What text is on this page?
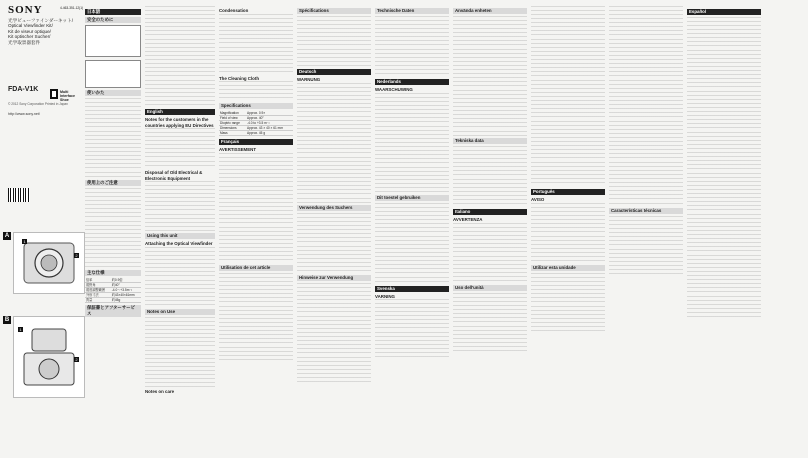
SONY	4-463-351-12(1)
光学ビューファインダーキット/
Optical Viewfinder Kit/
Kit de viseur optique/
Kit optischer Sucher/
光学取景器套件
FDA-V1K	Multi Interface Shoe
© 2012 Sony Corporation Printed in Japan
http://www.sony.net/
A
1
2
B
1
2
日本語
安全のために
使いかた
使用上のご注意
主な仕様
倍率	約0.9倍
視野角	約40°
視度調整範囲	-4.0〜+3.5m⁻¹
外形寸法	約43×40×61mm
質量	約45g
保証書とアフターサービス
English
Notes for the customers in the countries applying EU Directives
Disposal of Old Electrical & Electronic Equipment
Using this unit
Attaching the Optical Viewfinder
Notes on Use
Notes on care
Condensation
The Cleaning Cloth
Specifications
Magnification	Approx. 0.9×
Field of view	Approx. 40°
Dioptric range	-4.0 to +3.5 m⁻¹
Dimensions	Approx. 43 × 40 × 61 mm
Mass	Approx. 45 g
Français
AVERTISSEMENT
Utilisation de cet article
Spécifications
Deutsch
WARNUNG
Verwendung des Suchers
Hinweise zur Verwendung
Technische Daten
Nederlands
WAARSCHUWING
Dit toestel gebruiken
Svenska
VARNING
Använda enheten
Tekniska data
Italiano
AVVERTENZA
Uso dell'unità
Português
AVISO
Utilizar esta unidade
Características técnicas
Español
